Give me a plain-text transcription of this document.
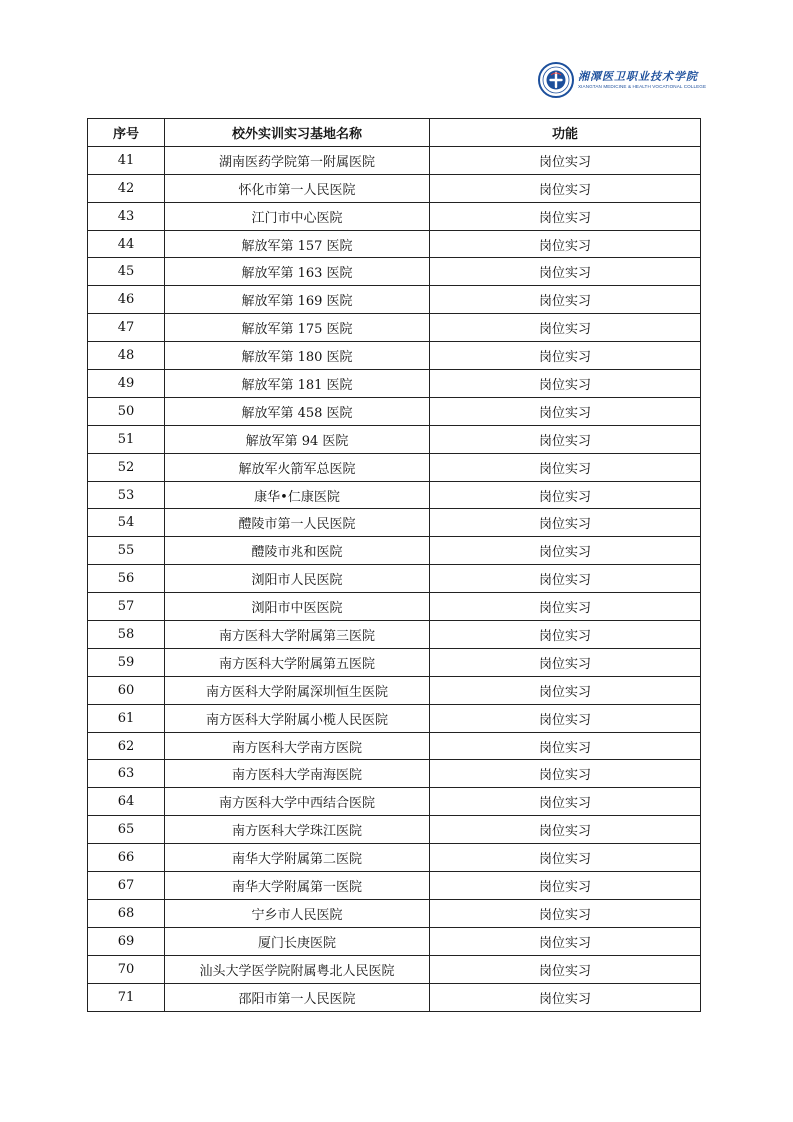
湘潭医卫职业技术学院
XIANGTAN MEDICINE & HEALTH VOCATIONAL COLLEGE
序号	校外实训实习基地名称	功能
41	湖南医药学院第一附属医院	岗位实习
42	怀化市第一人民医院	岗位实习
43	江门市中心医院	岗位实习
44	解放军第 157 医院	岗位实习
45	解放军第 163 医院	岗位实习
46	解放军第 169 医院	岗位实习
47	解放军第 175 医院	岗位实习
48	解放军第 180 医院	岗位实习
49	解放军第 181 医院	岗位实习
50	解放军第 458 医院	岗位实习
51	解放军第 94 医院	岗位实习
52	解放军火箭军总医院	岗位实习
53	康华•仁康医院	岗位实习
54	醴陵市第一人民医院	岗位实习
55	醴陵市兆和医院	岗位实习
56	浏阳市人民医院	岗位实习
57	浏阳市中医医院	岗位实习
58	南方医科大学附属第三医院	岗位实习
59	南方医科大学附属第五医院	岗位实习
60	南方医科大学附属深圳恒生医院	岗位实习
61	南方医科大学附属小榄人民医院	岗位实习
62	南方医科大学南方医院	岗位实习
63	南方医科大学南海医院	岗位实习
64	南方医科大学中西结合医院	岗位实习
65	南方医科大学珠江医院	岗位实习
66	南华大学附属第二医院	岗位实习
67	南华大学附属第一医院	岗位实习
68	宁乡市人民医院	岗位实习
69	厦门长庚医院	岗位实习
70	汕头大学医学院附属粤北人民医院	岗位实习
71	邵阳市第一人民医院	岗位实习
